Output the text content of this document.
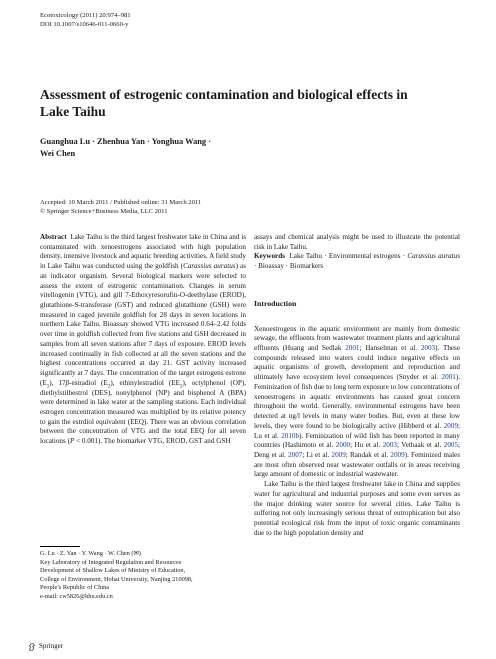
Ecotoxicology (2011) 20:974–981
DOI 10.1007/s10646-011-0660-y
Assessment of estrogenic contamination and biological effects in Lake Taihu
Guanghua Lu · Zhenhua Yan · Yonghua Wang ·
Wei Chen
Accepted: 10 March 2011 / Published online: 31 March 2011
© Springer Science+Business Media, LLC 2011

Abstract Lake Taihu is the third largest freshwater lake in China and is contaminated with xenoestrogens associated with high population density, intensive livestock and aquatic breeding activities. A field study in Lake Taihu was conducted using the goldfish (Carassius auratus) as an indicator organism. Several biological markers were selected to assess the extent of estrogenic contamination. Changes in serum vitellogenin (VTG), and gill 7-Ethoxyresorufin-O-deethylase (EROD), glutathione-S-transferase (GST) and reduced glutathione (GSH) were measured in caged juvenile goldfish for 28 days in seven locations in northern Lake Taihu. Bioassay showed VTG increased 0.64–2.42 folds over time in goldfish collected from five stations and GSH decreased in samples from all seven stations after 7 days of exposure. EROD levels increased continually in fish collected at all the seven stations and the highest concentrations occurred at day 21. GST activity increased significantly at 7 days. The concentration of the target estrogens estrone $(E_1)$, 17β-estradiol $(E_2)$, ethinylestradiol $(EE_2)$, octylphenol (OP), diethylstilbestrol (DES), nonylphenol (NP) and bisphenol A (BPA) were determined in lake water at the sampling stations. Each individual estrogen concentration measured was multiplied by its relative potency to gain the estrdiol equivalent (EEQ). There was an obvious correlation between the concentration of VTG and the total EEQ for all seven locations (P < 0.001). The biomarker VTG, EROD, GST and GSH

assays and chemical analysis might be used to illustrate the potential risk in Lake Taihu.

Keywords Lake Taihu · Environmental estrogens · Carassius auratus · Bioassay · Biomarkers

Introduction

Xenoestrogens in the aquatic environment are mainly from domestic sewage, the effluents from wastewater treatment plants and agricultural effluents (Huang and Sedlak 2001; Hanselman et al. 2003). These compounds released into waters could induce negative effects on aquatic organisms of growth, development and reproduction and ultimately have ecosystem level consequences (Snyder et al. 2001). Feminization of fish due to long term exposure to low concentrations of xenoestrogens in aquatic environments has caused great concern throughout the world. Generally, environmental estrogens have been detected at ng/l levels in many water bodies. But, even at these low levels, they were found to be biologically active (Hibberd et al. 2009; Lu et al. 2010b). Feminization of wild fish has been reported in many countries (Hashimoto et al. 2000; Hu et al. 2003; Vethaak et al. 2005; Deng et al. 2007; Li et al. 2009; Randak et al. 2009). Feminized males are most often observed near wastewater outfalls or in areas receiving large amount of domestic or industrial wastewater.

Lake Taihu is the third largest freshwater lake in China and supplies water for agricultural and industrial purposes and some even serves as the major drinking water source for several cities. Lake Taihu is suffering not only increasingly serious threat of eutrophication but also potential ecological risk from the input of toxic organic contaminants due to the high population density and

G. Lu · Z. Yan · Y. Wang · W. Chen (✉)
Key Laboratory of Integrated Regulation and Resources
Development of Shallow Lakes of Ministry of Education,
College of Environment, Hohai University, Nanjing 210098,
People’s Republic of China
e-mail: cw5826@hhu.edu.cn
Springer
